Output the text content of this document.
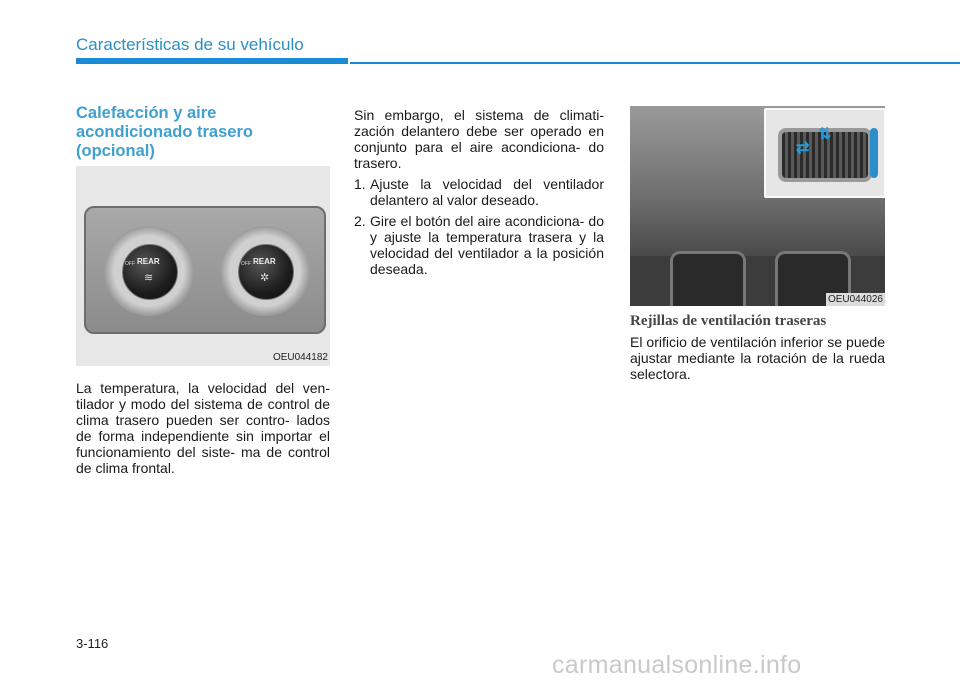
Características de su vehículo
Calefacción y aire acondicionado trasero (opcional)
OFF REAR
≋
OFF REAR
✲
OEU044182
La temperatura, la velocidad del ven- tilador y modo del sistema de control de clima trasero pueden ser contro- lados de forma independiente sin importar el funcionamiento del siste- ma de control de clima frontal.
Sin embargo, el sistema de climati- zación delantero debe ser operado en conjunto para el aire acondiciona- do trasero.
1. Ajuste la velocidad del ventilador delantero al valor deseado.
2. Gire el botón del aire acondiciona- do y ajuste la temperatura trasera y la velocidad del ventilador a la posición deseada.
⇄
⇅
OEU044026
Rejillas de ventilación traseras
El orificio de ventilación inferior se puede ajustar mediante la rotación de la rueda selectora.
3-116
carmanualsonline.info
